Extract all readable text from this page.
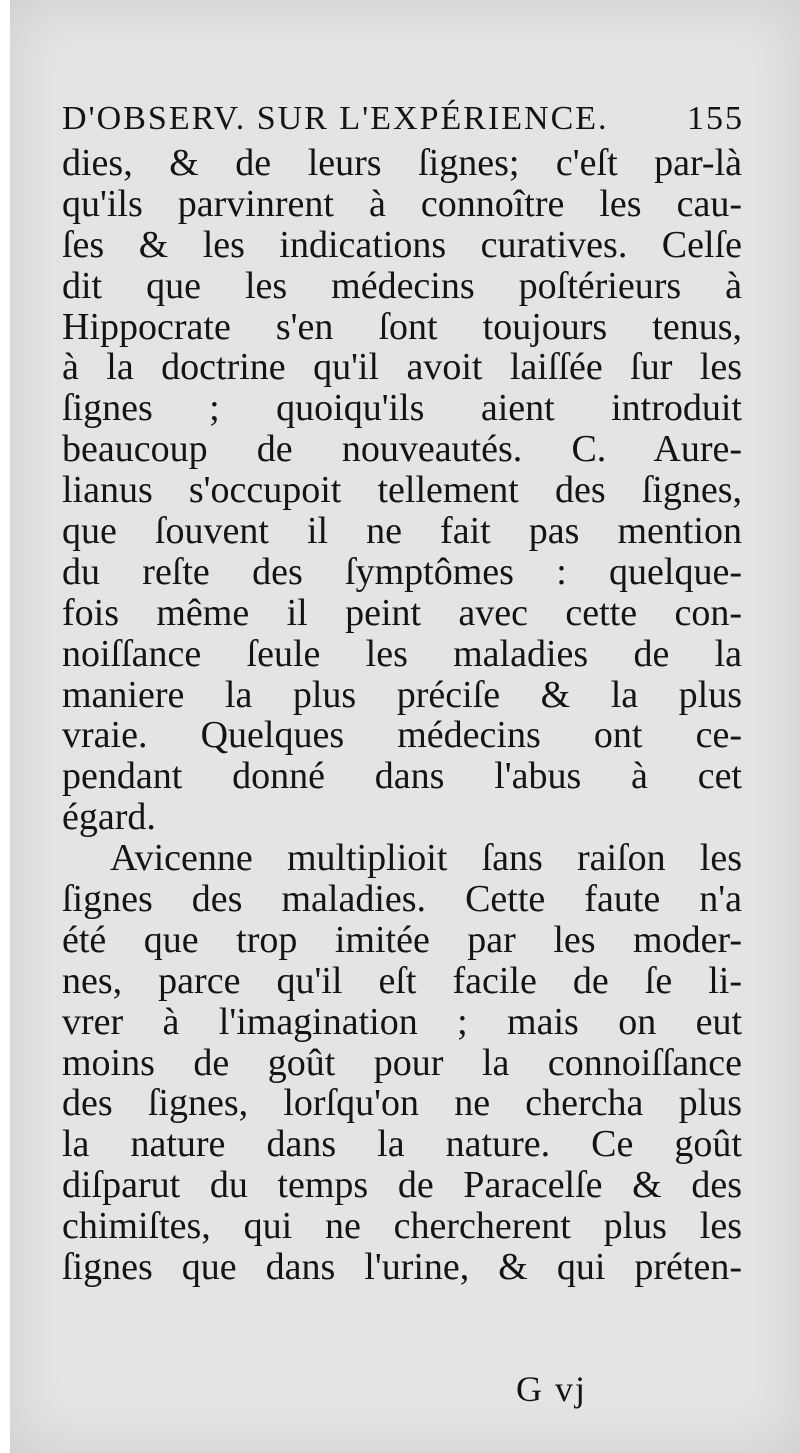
D'OBSERV. SUR L'EXPÉRIENCE. 155
dies, & de leurs ſignes; c'eſt par-là
qu'ils parvinrent à connoître les cau-
ſes & les indications curatives. Celſe
dit que les médecins poſtérieurs à
Hippocrate s'en ſont toujours tenus,
à la doctrine qu'il avoit laiſſée ſur les
ſignes ; quoiqu'ils aient introduit
beaucoup de nouveautés. C. Aure-
lianus s'occupoit tellement des ſignes,
que ſouvent il ne fait pas mention
du reſte des ſymptômes : quelque-
fois même il peint avec cette con-
noiſſance ſeule les maladies de la
maniere la plus préciſe & la plus
vraie. Quelques médecins ont ce-
pendant donné dans l'abus à cet
égard.
Avicenne multiplioit ſans raiſon les
ſignes des maladies. Cette faute n'a
été que trop imitée par les moder-
nes, parce qu'il eſt facile de ſe li-
vrer à l'imagination ; mais on eut
moins de goût pour la connoiſſance
des ſignes, lorſqu'on ne chercha plus
la nature dans la nature. Ce goût
diſparut du temps de Paracelſe & des
chimiſtes, qui ne chercherent plus les
ſignes que dans l'urine, & qui préten-
G vj
